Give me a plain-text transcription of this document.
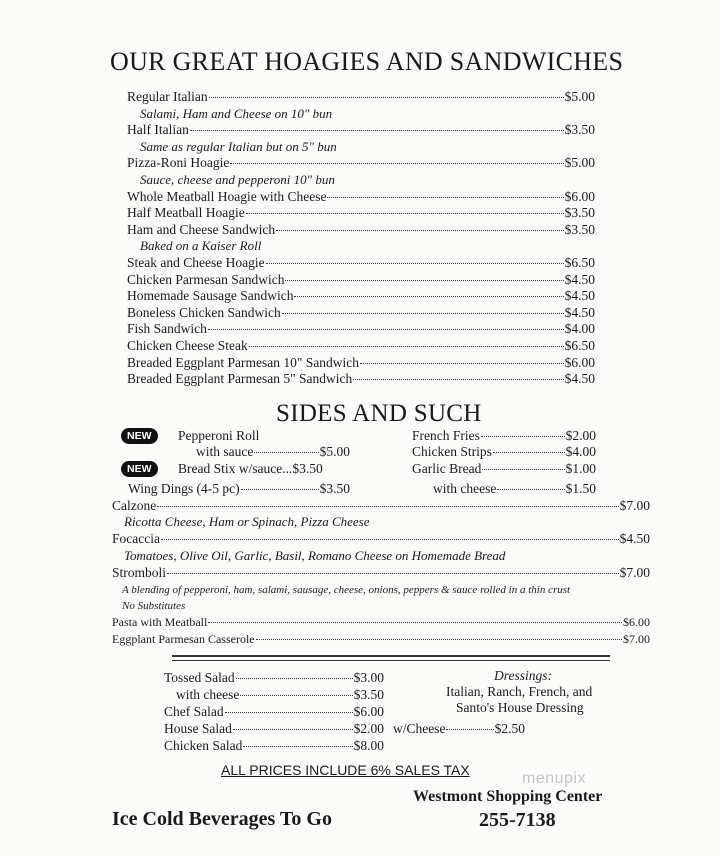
OUR GREAT HOAGIES AND SANDWICHES
Regular Italian	$5.00
Salami, Ham and Cheese on 10" bun
Half Italian	$3.50
Same as regular Italian but on 5" bun
Pizza-Roni Hoagie	$5.00
Sauce, cheese and pepperoni 10" bun
Whole Meatball Hoagie with Cheese	$6.00
Half Meatball Hoagie	$3.50
Ham and Cheese Sandwich	$3.50
Baked on a Kaiser Roll
Steak and Cheese Hoagie	$6.50
Chicken Parmesan Sandwich	$4.50
Homemade Sausage Sandwich	$4.50
Boneless Chicken Sandwich	$4.50
Fish Sandwich	$4.00
Chicken Cheese Steak	$6.50
Breaded Eggplant Parmesan 10" Sandwich	$6.00
Breaded Eggplant Parmesan 5" Sandwich	$4.50
SIDES AND SUCH
NEW	Pepperoni Roll
with sauce	$5.00
NEW	Bread Stix w/sauce... $3.50
Wing Dings (4-5 pc)	$3.50
French Fries	$2.00
Chicken Strips	$4.00
Garlic Bread	$1.00
with cheese	$1.50
Calzone	$7.00
Ricotta Cheese, Ham or Spinach, Pizza Cheese
Focaccia	$4.50
Tomatoes, Olive Oil, Garlic, Basil, Romano Cheese on Homemade Bread
Stromboli	$7.00
A blending of pepperoni, ham, salami, sausage, cheese, onions, peppers & sauce rolled in a thin crust
No Substitutes
Pasta with Meatball	$6.00
Eggplant Parmesan Casserole	$7.00
Tossed Salad	$3.00
with cheese	$3.50
Chef Salad	$6.00
House Salad	$2.00
Chicken Salad	$8.00
w/Cheese	$2.50
Dressings:
Italian, Ranch, French, and
Santo's House Dressing
ALL PRICES INCLUDE 6% SALES TAX	menupix
Westmont Shopping Center
Ice Cold Beverages To Go	255-7138
